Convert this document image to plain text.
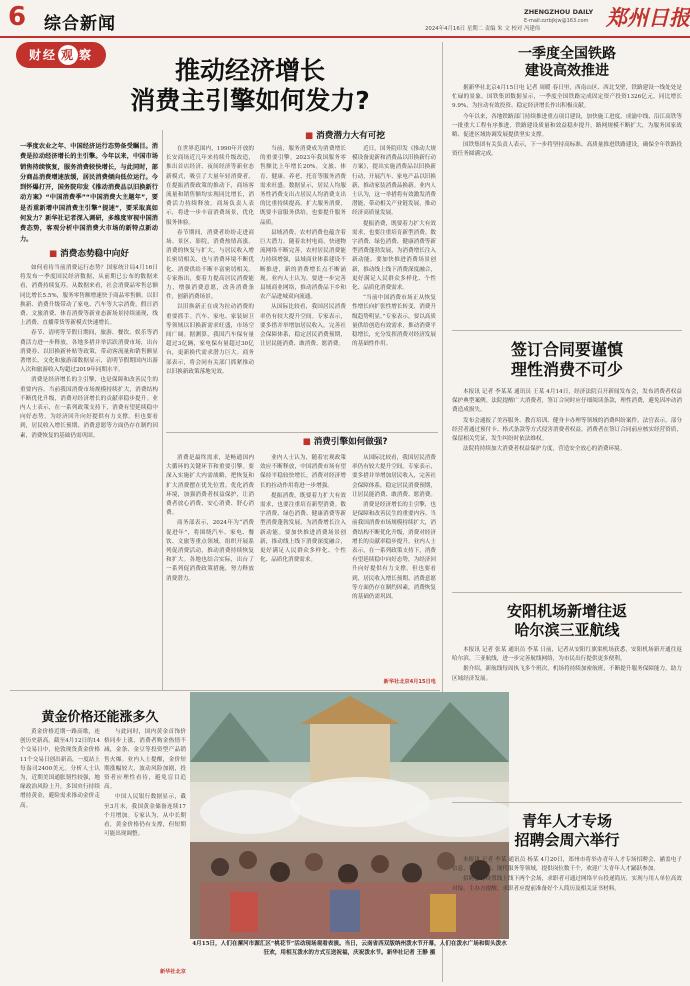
6 综合新闻	2024年4月16日 星期二 责编 朱 文 校对 冯建伟
ZHENGZHOU DAILY
E-mail:zzrbjkjw@163.com 郑州日报
财经 观 察
推动经济增长
消费主引擎如何发力?
一季度农业之年、中国经济运行态势备受瞩目。消费是拉动经济增长的主引擎。今年以来，中国市场销售持续恢复，服务消费较快增长，与此同时，部分商品消费增速放缓，居民消费倾向低位运行。今到怀爆打开，国务院印发《推动消费品以旧换新行动方案》“中国消费季”“中国消费大主题年”，要是否重新增中国消费主引擎“提速”，要采取真如何发力？新华社记者深入调研，多维度审视中国消费态势，客观分析中国消费大市场的新特点新动力。
■ 消费态势稳中向好
■ 消费潜力大有可挖
■ 消费引擎如何做强?

如何看待当前消费运行态势？国家统计局4月16日将发布一季度国民经济数据，从前期已公布的数据来看，消费持续复苏。从数据来看，社会消费品零售总额同比增长5.5%，服务零售额增速快于商品零售额。以旧换新、消费升级带动了家电、汽车等大宗消费，假日消费、文旅消费、体育消费等新业态新场景持续涌现，线上消费、直播带货等新模式快速增长。

春节、清明等节假日期间，旅游、餐饮、娱乐等消费活力进一步释放，各地多措并举活跃消费市场，出台消费券、以旧换新补贴等政策，带动客流量和销售额显著增长。文化和旅游部数据显示，清明节假期国内出游人次和旅游收入均超过2019年同期水平。

消费是经济增长的主引擎，也是保障和改善民生的重要内容。当前我国消费市场规模持续扩大，消费结构不断优化升级，消费对经济增长的贡献率稳步提升。业内人士表示，在一系列政策支持下，消费有望延续稳中向好态势，为经济回升向好提供有力支撑。但也要看到，居民收入增长预期、消费意愿等方面仍存在制约因素，消费恢复的基础仍需巩固。

在世界范围内，1990年开放的长安商场近几年来持续升级改造，推出首店经济、夜间经济等新业态新模式，吸引了大量年轻消费者。在提振消费政策的推动下，商场客流量和销售额均实现同比增长，消费活力持续释放。商场负责人表示，将进一步丰富消费场景，优化服务体验。

春节期间，消费者纷纷走进商场、景区、影院，消费热情高涨。消费的恢复与扩大，与居民收入增长密切相关，也与消费环境不断优化、消费供给不断丰富密切相关。专家指出，要着力提高居民消费能力，增强消费意愿，改善消费条件，创新消费场景。

以旧换新正在成为拉动消费的重要抓手。汽车、家电、家装厨卫等领域以旧换新需求旺盛，市场空间广阔。据测算，我国汽车保有量超过3亿辆，家电保有量超过30亿台，更新换代需求潜力巨大。商务部表示，将会同有关部门抓紧推动以旧换新政策落地见效。

当前，服务消费成为消费增长的重要引擎。2023年我国服务零售额比上年增长20%，文旅、体育、健康、养老、托育等服务消费需求旺盛。数据显示，居民人均服务性消费支出占居民人均消费支出的比重持续提高。扩大服务消费，既要丰富服务供给，也要提升服务品质。

县域消费、农村消费也蕴含着巨大潜力。随着农村电商、快递物流网络不断完善，农村居民消费能力持续增强，县域商业体系建设不断推进，新的消费增长点不断涌现。业内人士认为，要进一步完善县域商业网络，推动消费品下乡和农产品进城双向流通。

从国际比较看，我国居民消费率仍有较大提升空间。专家表示，要多措并举增加居民收入，完善社会保障体系，稳定居民消费预期，让居民能消费、敢消费、愿消费。

近日，国务院印发《推动大规模设备更新和消费品以旧换新行动方案》，提出实施消费品以旧换新行动，开展汽车、家电产品以旧换新，推动家装消费品换新。业内人士认为，这一举措将有效激发消费潜能，带动相关产业链发展，推动经济高质量发展。

提振消费，既要着力扩大有效需求，也要注重培育新型消费。数字消费、绿色消费、健康消费等新型消费蓬勃发展，为消费增长注入新动能。要加快推进消费场景创新，推动线上线下消费深度融合，更好满足人民群众多样化、个性化、品质化消费需求。

“当前中国消费市场正从恢复性增长向扩张性增长转变，消费升级趋势明显。”专家表示，要以高质量供给创造有效需求，推动消费平稳增长，充分发挥消费对经济发展的基础性作用。

消费是最终需求，是畅通国内大循环的关键环节和重要引擎。要深入实施扩大内需战略，把恢复和扩大消费摆在优先位置。优化消费环境，加强消费者权益保护，让消费者放心消费、安心消费、舒心消费。

商务部表示，2024年为“消费促进年”，将围绕汽车、家电、餐饮、文旅等重点领域，组织开展系列促消费活动，推动消费持续恢复和扩大。各地也结合实际，出台了一系列促消费政策措施，努力释放消费潜力。

业内人士认为，随着宏观政策效应不断释放，中国消费市场有望保持平稳较快增长，消费对经济增长的拉动作用将进一步增强。

提振消费，既要着力扩大有效需求，也要注重培育新型消费。数字消费、绿色消费、健康消费等新型消费蓬勃发展，为消费增长注入新动能。要加快推进消费场景创新，推动线上线下消费深度融合，更好满足人民群众多样化、个性化、品质化消费需求。

从国际比较看，我国居民消费率仍有较大提升空间。专家表示，要多措并举增加居民收入，完善社会保障体系，稳定居民消费预期，让居民能消费、敢消费、愿消费。

消费是经济增长的主引擎，也是保障和改善民生的重要内容。当前我国消费市场规模持续扩大，消费结构不断优化升级，消费对经济增长的贡献率稳步提升。业内人士表示，在一系列政策支持下，消费有望延续稳中向好态势，为经济回升向好提供有力支撑。但也要看到，居民收入增长预期、消费意愿等方面仍存在制约因素，消费恢复的基础仍需巩固。

新华社北京4月15日电
黄金价格还能涨多久

黄金价格近期一路高歌，连创历史新高。截至4月12日的14个交易日中，伦敦现货黄金价格11个交易日创出新高，一度站上每盎司2400美元。分析人士认为，近期美国通胀韧性较强，地缘政治风险上升，多国央行持续增持黄金，避险需求推动金价走高。

与此同时，国内黄金首饰价格同步上涨，消费者购金热情不减，金条、金豆等投资型产品销售火爆。业内人士提醒，金价短期涨幅较大，波动风险加剧，投资者应理性看待，避免盲目追高。

中国人民银行数据显示，截至3月末，我国黄金储备连续17个月增加。专家认为，从中长期看，黄金价格仍有支撑，但短期可能出现调整。

新华社北京
4月15日，人们在漯河市源汇区“桃花节”活动现场观看表演。当日，云南省西双版纳州泼水节开幕，人们在泼水广场和街头泼水狂欢，用相互泼水的方式互送祝福，庆祝泼水节。新华社记者 王静 摄
一季度全国铁路
建设高效推进

据新华社北京4月15日电 记者 周暖 春日里，西南山区、西北戈壁，铁路建设一线处处是忙碌的景象。国铁集团数据显示，一季度全国铁路完成固定资产投资1326亿元，同比增长9.9%，为拉动有效投资、稳定经济增长作出积极贡献。

今年以来，各地铁路部门持续推进重点项目建设，加快施工进度。成渝中线、沿江高铁等一批重大工程有序推进，铁路建设质量和效益稳步提升，路网规模不断扩大，为服务国家战略、促进区域协调发展提供坚实支撑。

国铁集团有关负责人表示，下一步将坚持高标准、高质量推进铁路建设，确保全年铁路投资任务圆满完成。

签订合同要谨慎
理性消费不可少

本报讯 记者 李某某 通讯员 王某 4月14日，经济法院召开新闻发布会，发布消费者权益保护典型案例。法院提醒广大消费者，签订合同时应仔细阅读条款，理性消费，避免因冲动消费造成损失。

发布会通报了美容服务、教育培训、健身卡办理等领域的消费纠纷案件。法官表示，部分经营者通过预付卡、格式条款等方式侵害消费者权益，消费者在签订合同前应核实经营资质，保留相关凭证，发生纠纷时依法维权。

法院将持续加大消费者权益保护力度，营造安全放心的消费环境。

安阳机场新增往返
哈尔滨三亚航线

本报讯 记者 张某 通讯员 李某 日前，记者从安阳红旗渠机场获悉，安阳机场新开通往返哈尔滨、三亚航线，进一步完善航线网络，为市民出行提供更多便利。

据介绍，新航线每周执飞多个班次，机场将持续加密航班，不断提升服务保障能力，助力区域经济发展。

青年人才专场
招聘会周六举行

本报讯 记者 李某 通讯员 杨某 4月20日，郑州市将举办青年人才专场招聘会，涵盖电子信息、装备制造、现代服务等领域，提供岗位数千个，欢迎广大青年人才踊跃参加。

招聘会将设置线上线下两个会场，求职者可通过网络平台投递简历，实现与用人单位高效对接。主办方提醒，求职者应提前准备好个人简历及相关证书材料。
